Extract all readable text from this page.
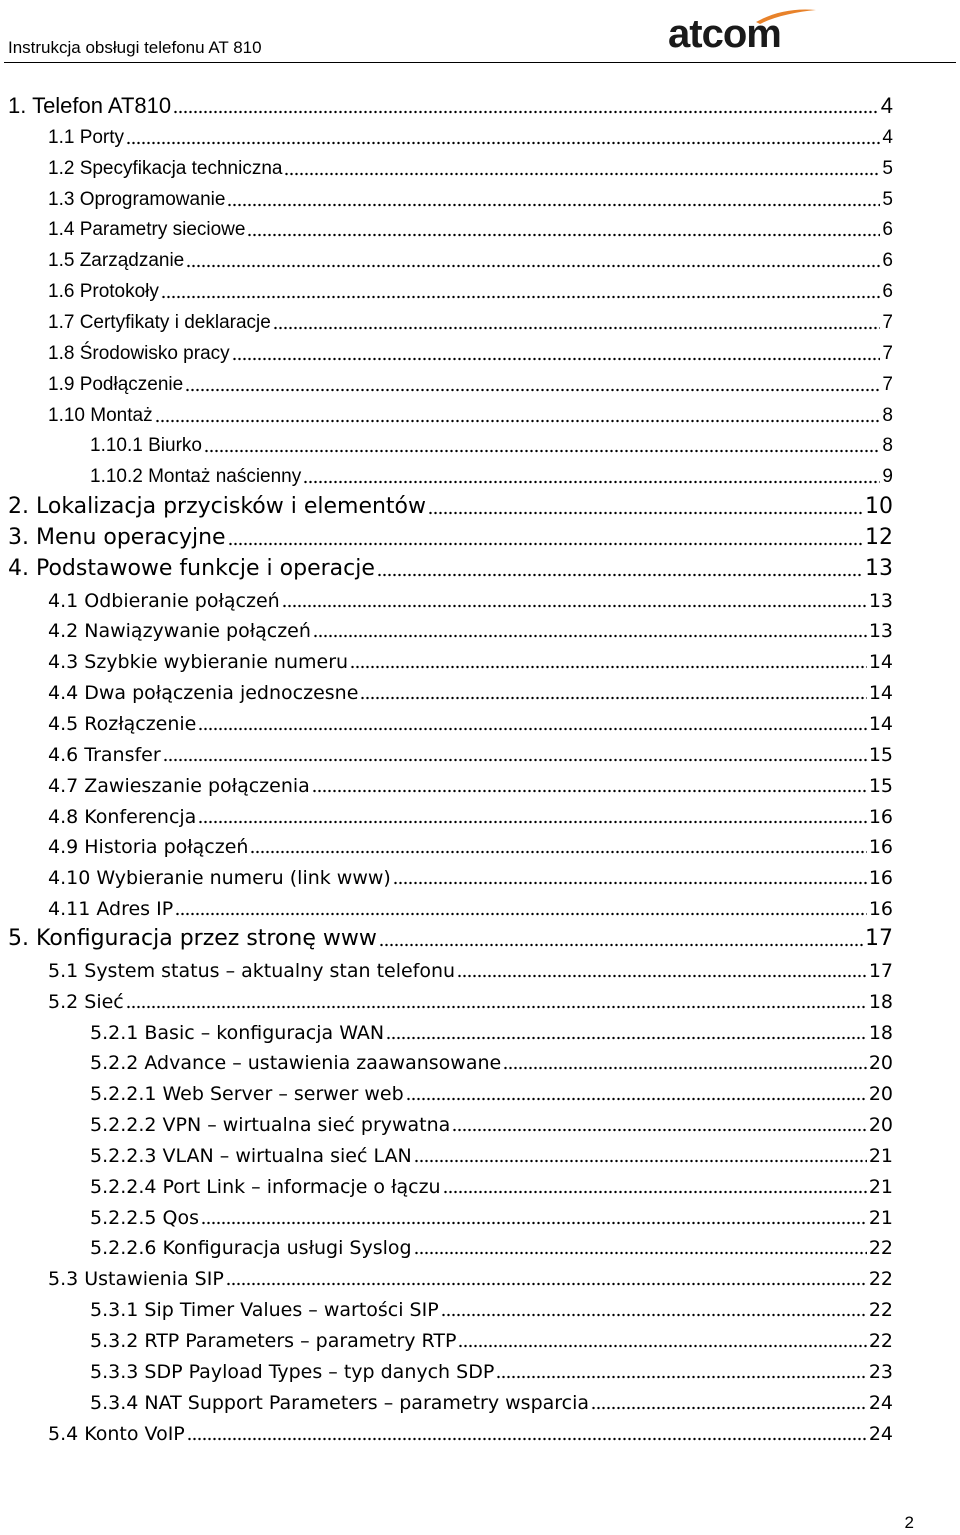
Instrukcja obsługi telefonu AT 810	atcom
1. Telefon AT810	4
1.1 Porty	4
1.2 Specyfikacja techniczna	5
1.3 Oprogramowanie	5
1.4 Parametry sieciowe	6
1.5 Zarządzanie	6
1.6 Protokoły	6
1.7 Certyfikaty i deklaracje	7
1.8 Środowisko pracy	7
1.9 Podłączenie	7
1.10 Montaż	8
1.10.1 Biurko	8
1.10.2 Montaż naścienny	9
2. Lokalizacja przycisków i elementów	10
3. Menu operacyjne	12
4. Podstawowe funkcje i operacje	13
4.1 Odbieranie połączeń	13
4.2 Nawiązywanie połączeń	13
4.3 Szybkie wybieranie numeru	14
4.4 Dwa połączenia jednoczesne	14
4.5 Rozłączenie	14
4.6 Transfer	15
4.7 Zawieszanie połączenia	15
4.8 Konferencja	16
4.9 Historia połączeń	16
4.10 Wybieranie numeru (link www)	16
4.11 Adres IP	16
5. Konfiguracja przez stronę www	17
5.1 System status – aktualny stan telefonu	17
5.2 Sieć	18
5.2.1 Basic – konfiguracja WAN	18
5.2.2 Advance – ustawienia zaawansowane	20
5.2.2.1 Web Server – serwer web	20
5.2.2.2 VPN – wirtualna sieć prywatna	20
5.2.2.3 VLAN – wirtualna sieć LAN	21
5.2.2.4 Port Link – informacje o łączu	21
5.2.2.5 Qos	21
5.2.2.6 Konfiguracja usługi Syslog	22
5.3 Ustawienia SIP	22
5.3.1 Sip Timer Values – wartości SIP	22
5.3.2 RTP Parameters – parametry RTP	22
5.3.3 SDP Payload Types – typ danych SDP	23
5.3.4 NAT Support Parameters – parametry wsparcia	24
5.4 Konto VoIP	24
2
